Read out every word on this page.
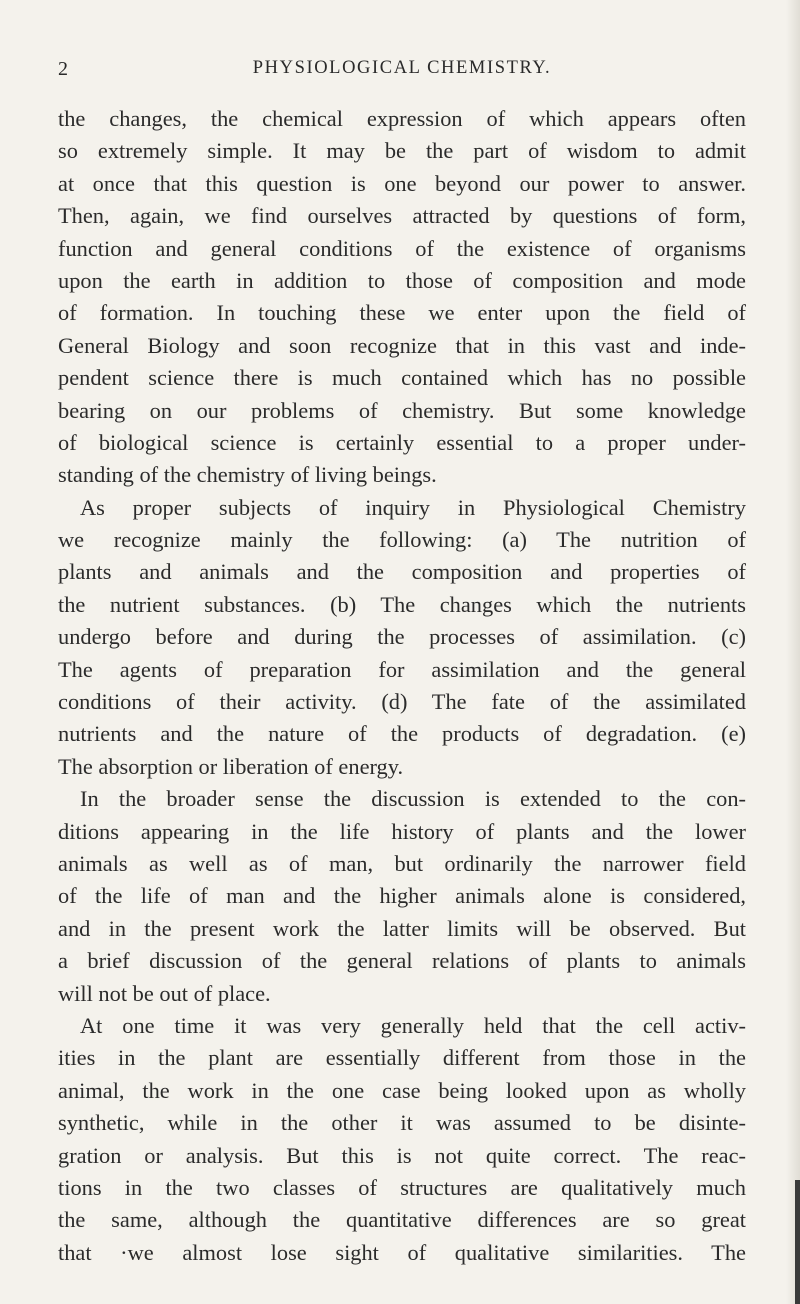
2	PHYSIOLOGICAL CHEMISTRY.
the changes, the chemical expression of which appears often
so extremely simple. It may be the part of wisdom to admit
at once that this question is one beyond our power to answer.
Then, again, we find ourselves attracted by questions of form,
function and general conditions of the existence of organisms
upon the earth in addition to those of composition and mode
of formation. In touching these we enter upon the field of
General Biology and soon recognize that in this vast and inde-
pendent science there is much contained which has no possible
bearing on our problems of chemistry. But some knowledge
of biological science is certainly essential to a proper under-
standing of the chemistry of living beings.
As proper subjects of inquiry in Physiological Chemistry
we recognize mainly the following: (a) The nutrition of
plants and animals and the composition and properties of
the nutrient substances. (b) The changes which the nutrients
undergo before and during the processes of assimilation. (c)
The agents of preparation for assimilation and the general
conditions of their activity. (d) The fate of the assimilated
nutrients and the nature of the products of degradation. (e)
The absorption or liberation of energy.
In the broader sense the discussion is extended to the con-
ditions appearing in the life history of plants and the lower
animals as well as of man, but ordinarily the narrower field
of the life of man and the higher animals alone is considered,
and in the present work the latter limits will be observed. But
a brief discussion of the general relations of plants to animals
will not be out of place.
At one time it was very generally held that the cell activ-
ities in the plant are essentially different from those in the
animal, the work in the one case being looked upon as wholly
synthetic, while in the other it was assumed to be disinte-
gration or analysis. But this is not quite correct. The reac-
tions in the two classes of structures are qualitatively much
the same, although the quantitative differences are so great
that ·we almost lose sight of qualitative similarities. The
